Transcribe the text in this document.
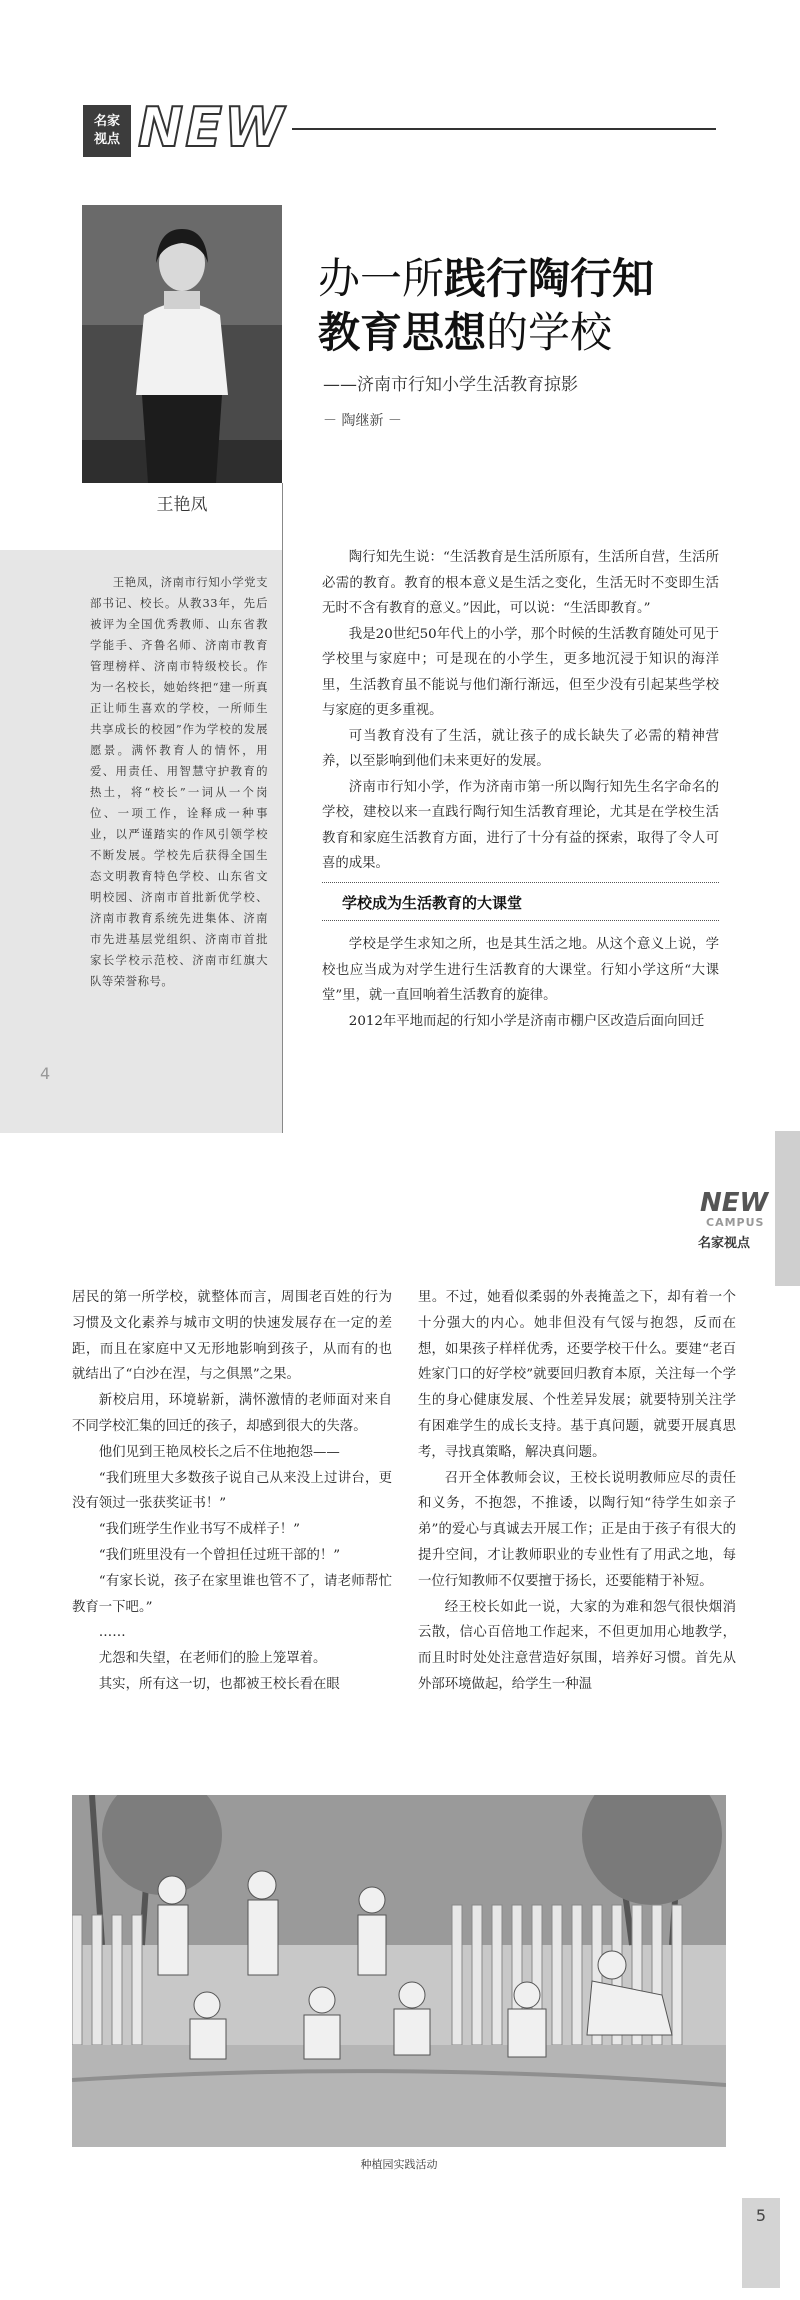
名家
视点 NEW
王艳凤
王艳凤，济南市行知小学党支部书记、校长。从教33年，先后被评为全国优秀教师、山东省教学能手、齐鲁名师、济南市教育管理榜样、济南市特级校长。作为一名校长，她始终把“建一所真正让师生喜欢的学校，一所师生共享成长的校园”作为学校的发展愿景。满怀教育人的情怀，用爱、用责任、用智慧守护教育的热土，将“校长”一词从一个岗位、一项工作，诠释成一种事业，以严谨踏实的作风引领学校不断发展。学校先后获得全国生态文明教育特色学校、山东省文明校园、济南市首批新优学校、济南市教育系统先进集体、济南市先进基层党组织、济南市首批家长学校示范校、济南市红旗大队等荣誉称号。
4
办一所践行陶行知
教育思想的学校
——济南市行知小学生活教育掠影
－ 陶继新 －

陶行知先生说：“生活教育是生活所原有，生活所自营，生活所必需的教育。教育的根本意义是生活之变化，生活无时不变即生活无时不含有教育的意义。”因此，可以说：“生活即教育。”

我是20世纪50年代上的小学，那个时候的生活教育随处可见于学校里与家庭中；可是现在的小学生，更多地沉浸于知识的海洋里，生活教育虽不能说与他们渐行渐远，但至少没有引起某些学校与家庭的更多重视。

可当教育没有了生活，就让孩子的成长缺失了必需的精神营养，以至影响到他们未来更好的发展。

济南市行知小学，作为济南市第一所以陶行知先生名字命名的学校，建校以来一直践行陶行知生活教育理论，尤其是在学校生活教育和家庭生活教育方面，进行了十分有益的探索，取得了令人可喜的成果。

学校成为生活教育的大课堂

学校是学生求知之所，也是其生活之地。从这个意义上说，学校也应当成为对学生进行生活教育的大课堂。行知小学这所“大课堂”里，就一直回响着生活教育的旋律。

2012年平地而起的行知小学是济南市棚户区改造后面向回迁

NEW
CAMPUS
名家视点

居民的第一所学校，就整体而言，周围老百姓的行为习惯及文化素养与城市文明的快速发展存在一定的差距，而且在家庭中又无形地影响到孩子，从而有的也就结出了“白沙在涅，与之俱黑”之果。

新校启用，环境崭新，满怀激情的老师面对来自不同学校汇集的回迁的孩子，却感到很大的失落。

他们见到王艳凤校长之后不住地抱怨——

“我们班里大多数孩子说自己从来没上过讲台，更没有领过一张获奖证书！”

“我们班学生作业书写不成样子！”

“我们班里没有一个曾担任过班干部的！”

“有家长说，孩子在家里谁也管不了，请老师帮忙教育一下吧。”

……

尤怨和失望，在老师们的脸上笼罩着。

其实，所有这一切，也都被王校长看在眼

里。不过，她看似柔弱的外表掩盖之下，却有着一个十分强大的内心。她非但没有气馁与抱怨，反而在想，如果孩子样样优秀，还要学校干什么。要建“老百姓家门口的好学校”就要回归教育本原，关注每一个学生的身心健康发展、个性差异发展；就要特别关注学有困难学生的成长支持。基于真问题，就要开展真思考，寻找真策略，解决真问题。

召开全体教师会议，王校长说明教师应尽的责任和义务，不抱怨，不推诿，以陶行知“待学生如亲子弟”的爱心与真诚去开展工作；正是由于孩子有很大的提升空间，才让教师职业的专业性有了用武之地，每一位行知教师不仅要擅于扬长，还要能精于补短。

经王校长如此一说，大家的为难和怨气很快烟消云散，信心百倍地工作起来，不但更加用心地教学，而且时时处处注意营造好氛围，培养好习惯。首先从外部环境做起，给学生一种温

种植园实践活动
5
